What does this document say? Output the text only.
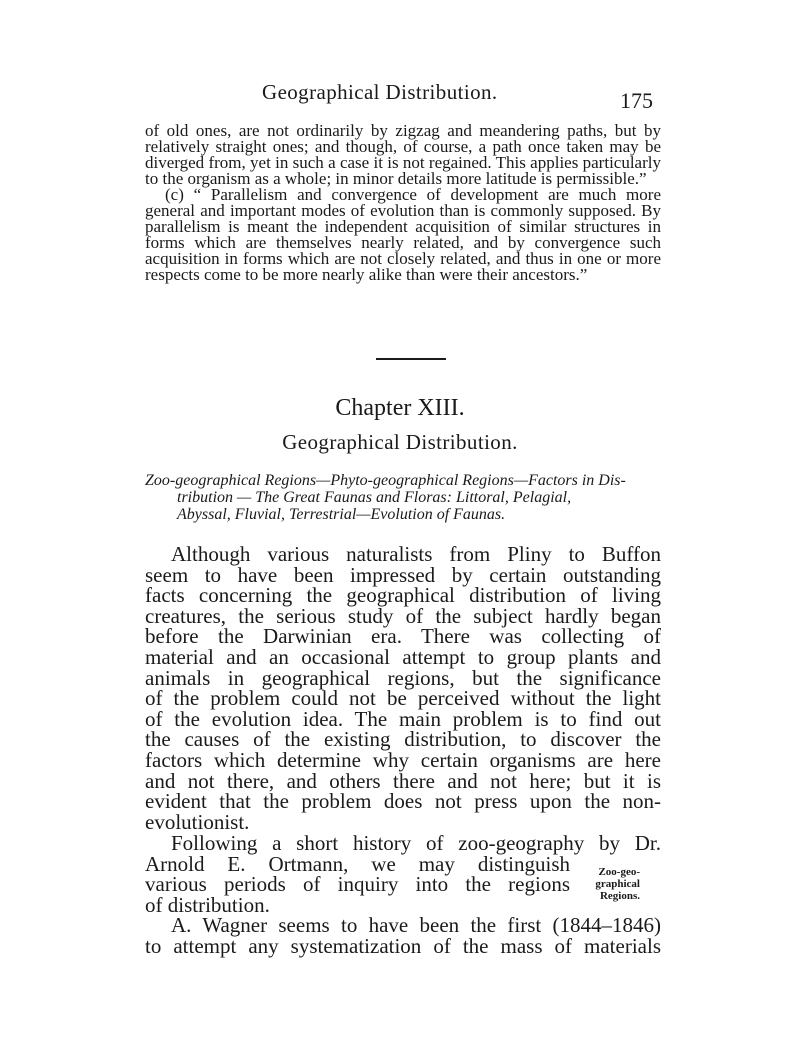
Geographical Distribution.	175

of old ones, are not ordinarily by zigzag and meandering paths, but by relatively straight ones; and though, of course, a path once taken may be diverged from, yet in such a case it is not regained. This applies particularly to the organism as a whole; in minor details more latitude is permissible.”

(c) “ Parallelism and convergence of development are much more general and important modes of evolution than is commonly supposed. By parallelism is meant the independent acquisition of similar structures in forms which are themselves nearly related, and by convergence such acquisition in forms which are not closely related, and thus in one or more respects come to be more nearly alike than were their ancestors.”

Chapter XIII.
Geographical Distribution.
Zoo-geographical Regions—Phyto-geographical Regions—Factors in Dis-
tribution — The Great Faunas and Floras: Littoral, Pelagial,
Abyssal, Fluvial, Terrestrial—Evolution of Faunas.
Although various naturalists from Pliny to Buffon
seem to have been impressed by certain outstanding
facts concerning the geographical distribution of living
creatures, the serious study of the subject hardly began
before the Darwinian era. There was collecting of
material and an occasional attempt to group plants and
animals in geographical regions, but the significance
of the problem could not be perceived without the light
of the evolution idea. The main problem is to find out
the causes of the existing distribution, to discover the
factors which determine why certain organisms are here
and not there, and others there and not here; but it is
evident that the problem does not press upon the non-
evolutionist.
Following a short history of zoo-geography by Dr.
Arnold E. Ortmann, we may distinguish
various periods of inquiry into the regions
of distribution.
Zoo-geo-
graphical
Regions.
A. Wagner seems to have been the first (1844–1846)
to attempt any systematization of the mass of materials
